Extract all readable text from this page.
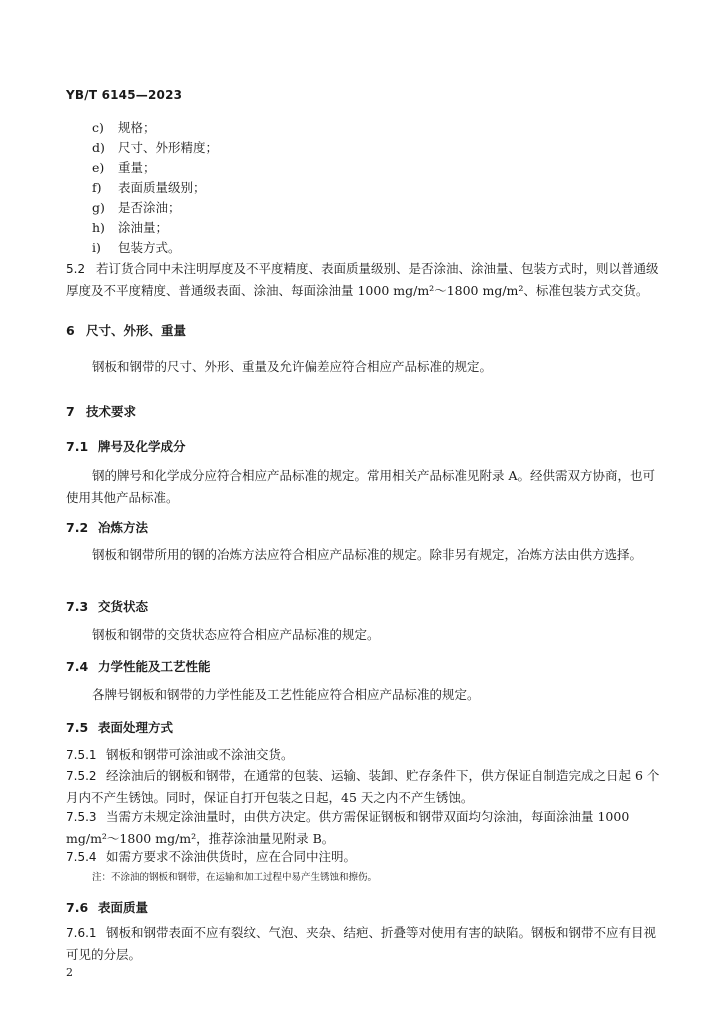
YB/T 6145—2023
c) 规格；
d) 尺寸、外形精度；
e) 重量；
f) 表面质量级别；
g) 是否涂油；
h) 涂油量；
i) 包装方式。
5.2 若订货合同中未注明厚度及不平度精度、表面质量级别、是否涂油、涂油量、包装方式时，则以普通级厚度及不平度精度、普通级表面、涂油、每面涂油量 1000 mg/m²～1800 mg/m²、标准包装方式交货。
6 尺寸、外形、重量
钢板和钢带的尺寸、外形、重量及允许偏差应符合相应产品标准的规定。
7 技术要求
7.1 牌号及化学成分
钢的牌号和化学成分应符合相应产品标准的规定。常用相关产品标准见附录 A。经供需双方协商，也可使用其他产品标准。
7.2 冶炼方法
钢板和钢带所用的钢的冶炼方法应符合相应产品标准的规定。除非另有规定，冶炼方法由供方选择。
7.3 交货状态
钢板和钢带的交货状态应符合相应产品标准的规定。
7.4 力学性能及工艺性能
各牌号钢板和钢带的力学性能及工艺性能应符合相应产品标准的规定。
7.5 表面处理方式
7.5.1 钢板和钢带可涂油或不涂油交货。
7.5.2 经涂油后的钢板和钢带，在通常的包装、运输、装卸、贮存条件下，供方保证自制造完成之日起 6 个月内不产生锈蚀。同时，保证自打开包装之日起，45 天之内不产生锈蚀。
7.5.3 当需方未规定涂油量时，由供方决定。供方需保证钢板和钢带双面均匀涂油，每面涂油量 1000 mg/m²～1800 mg/m²，推荐涂油量见附录 B。
7.5.4 如需方要求不涂油供货时，应在合同中注明。
注：不涂油的钢板和钢带，在运输和加工过程中易产生锈蚀和擦伤。
7.6 表面质量
7.6.1 钢板和钢带表面不应有裂纹、气泡、夹杂、结疤、折叠等对使用有害的缺陷。钢板和钢带不应有目视可见的分层。
2
